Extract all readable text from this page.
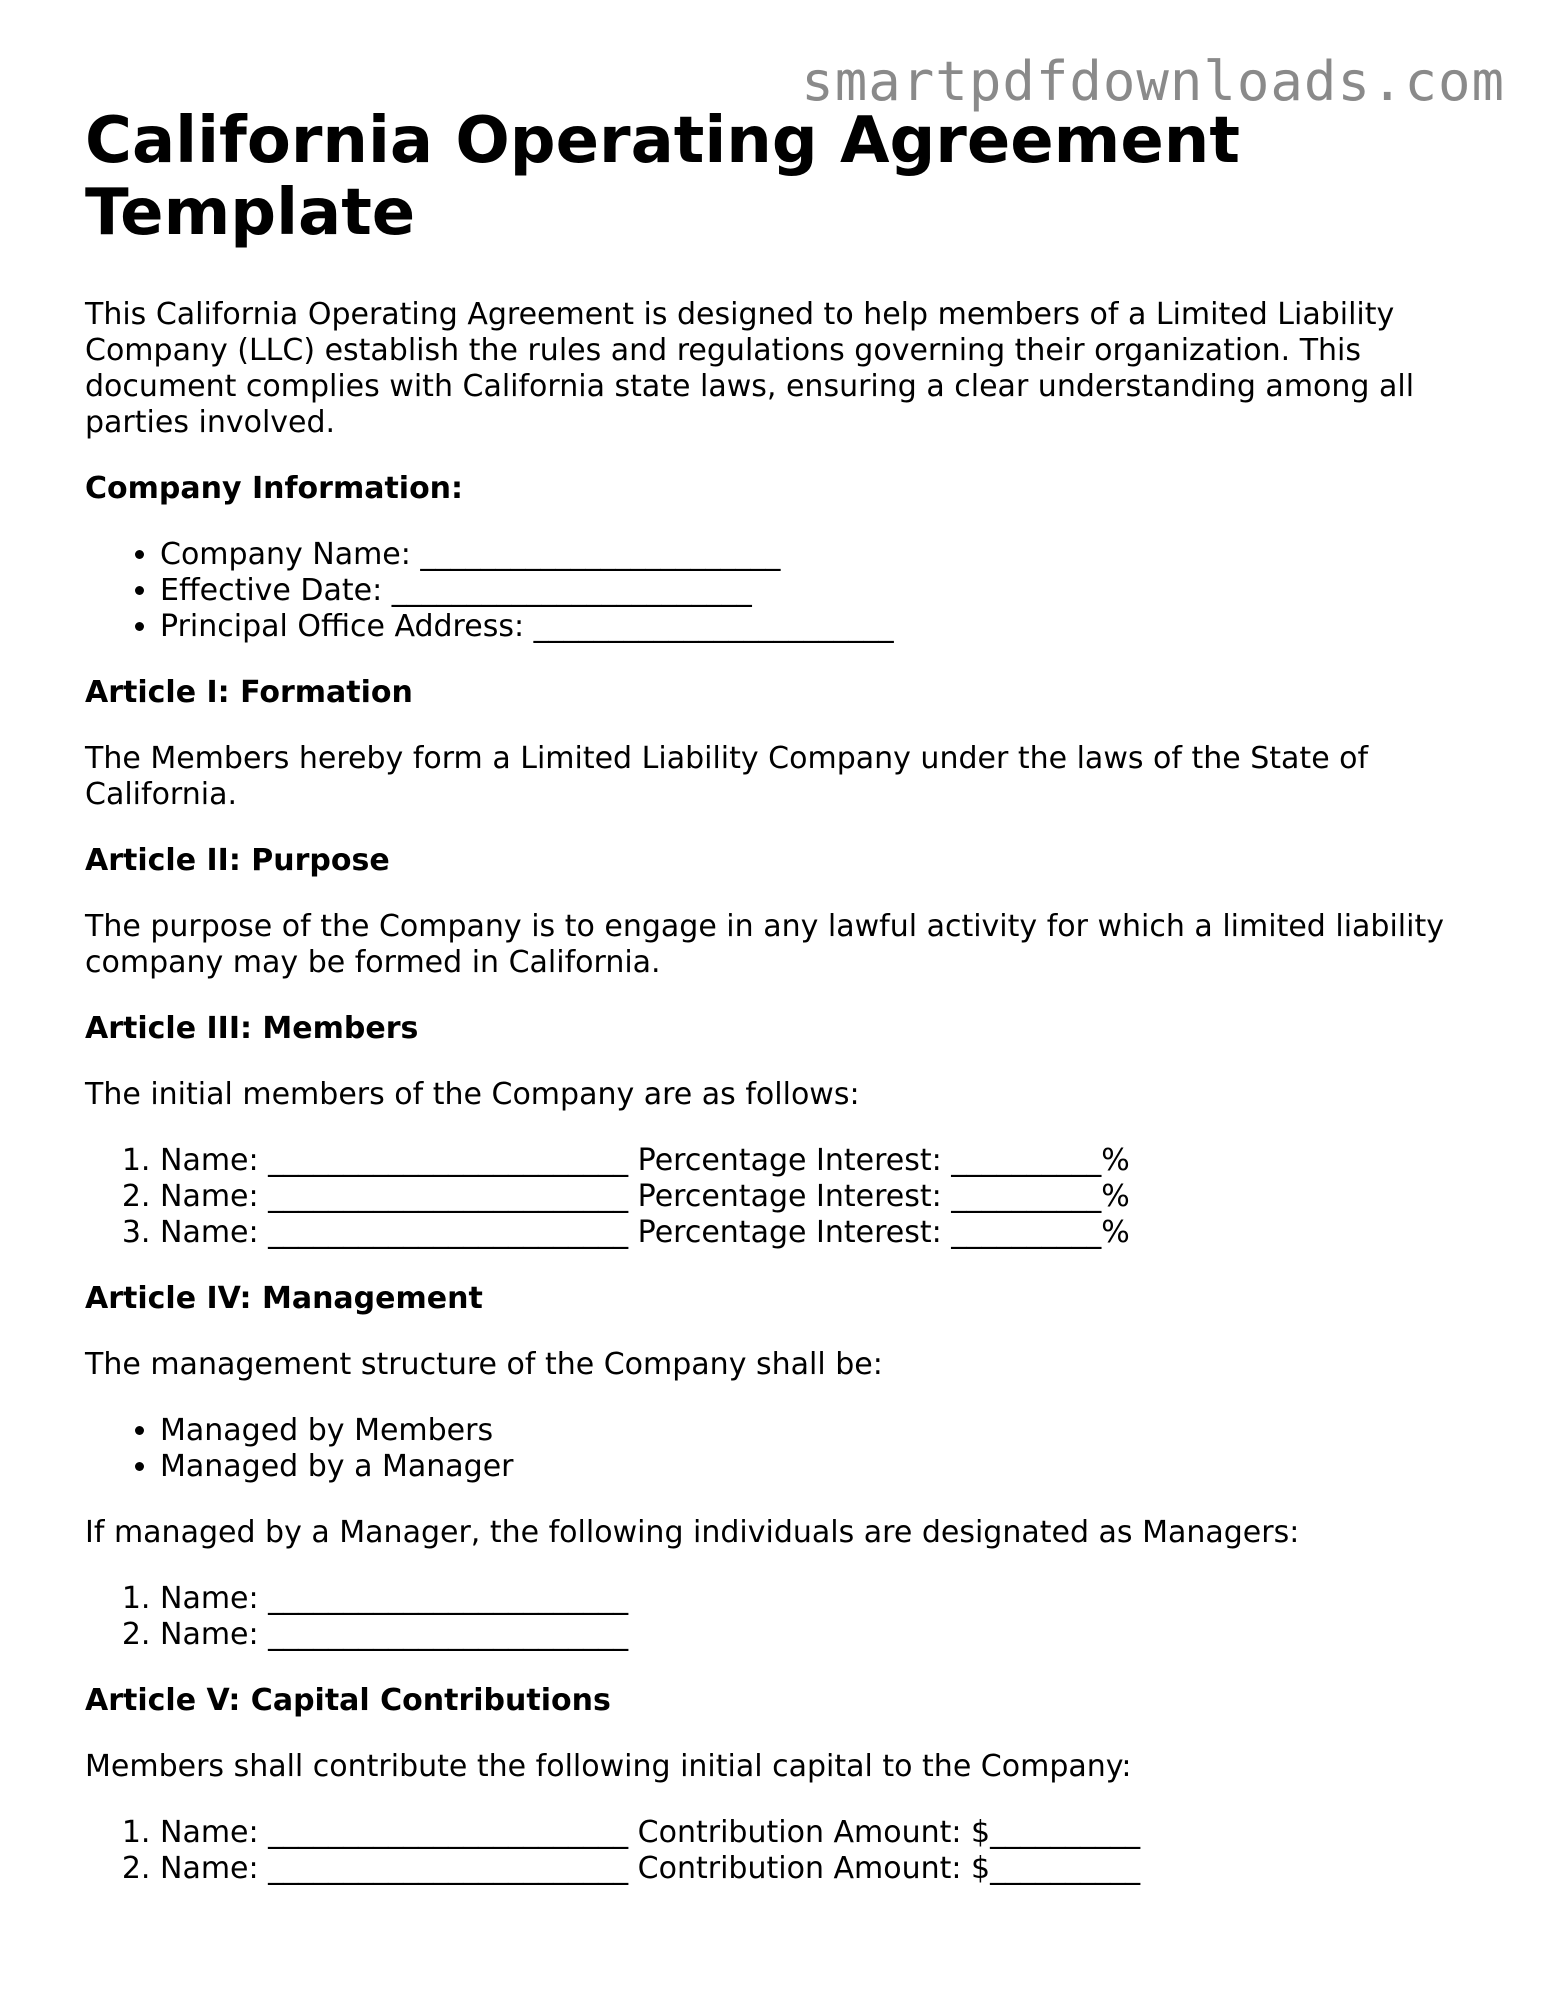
smartpdfdownloads.com
California Operating Agreement Template

This California Operating Agreement is designed to help members of a Limited Liability Company (LLC) establish the rules and regulations governing their organization. This document complies with California state laws, ensuring a clear understanding among all parties involved.

Company Information:
• Company Name: ________________________
• Effective Date: ________________________
• Principal Office Address: ________________________
Article I: Formation

The Members hereby form a Limited Liability Company under the laws of the State of California.

Article II: Purpose

The purpose of the Company is to engage in any lawful activity for which a limited liability company may be formed in California.

Article III: Members

The initial members of the Company are as follows:

1. Name: ________________________ Percentage Interest: __________%
2. Name: ________________________ Percentage Interest: __________%
3. Name: ________________________ Percentage Interest: __________%
Article IV: Management

The management structure of the Company shall be:

• Managed by Members
• Managed by a Manager

If managed by a Manager, the following individuals are designated as Managers:

1. Name: ________________________
2. Name: ________________________
Article V: Capital Contributions

Members shall contribute the following initial capital to the Company:

1. Name: ________________________ Contribution Amount: $__________
2. Name: ________________________ Contribution Amount: $__________
